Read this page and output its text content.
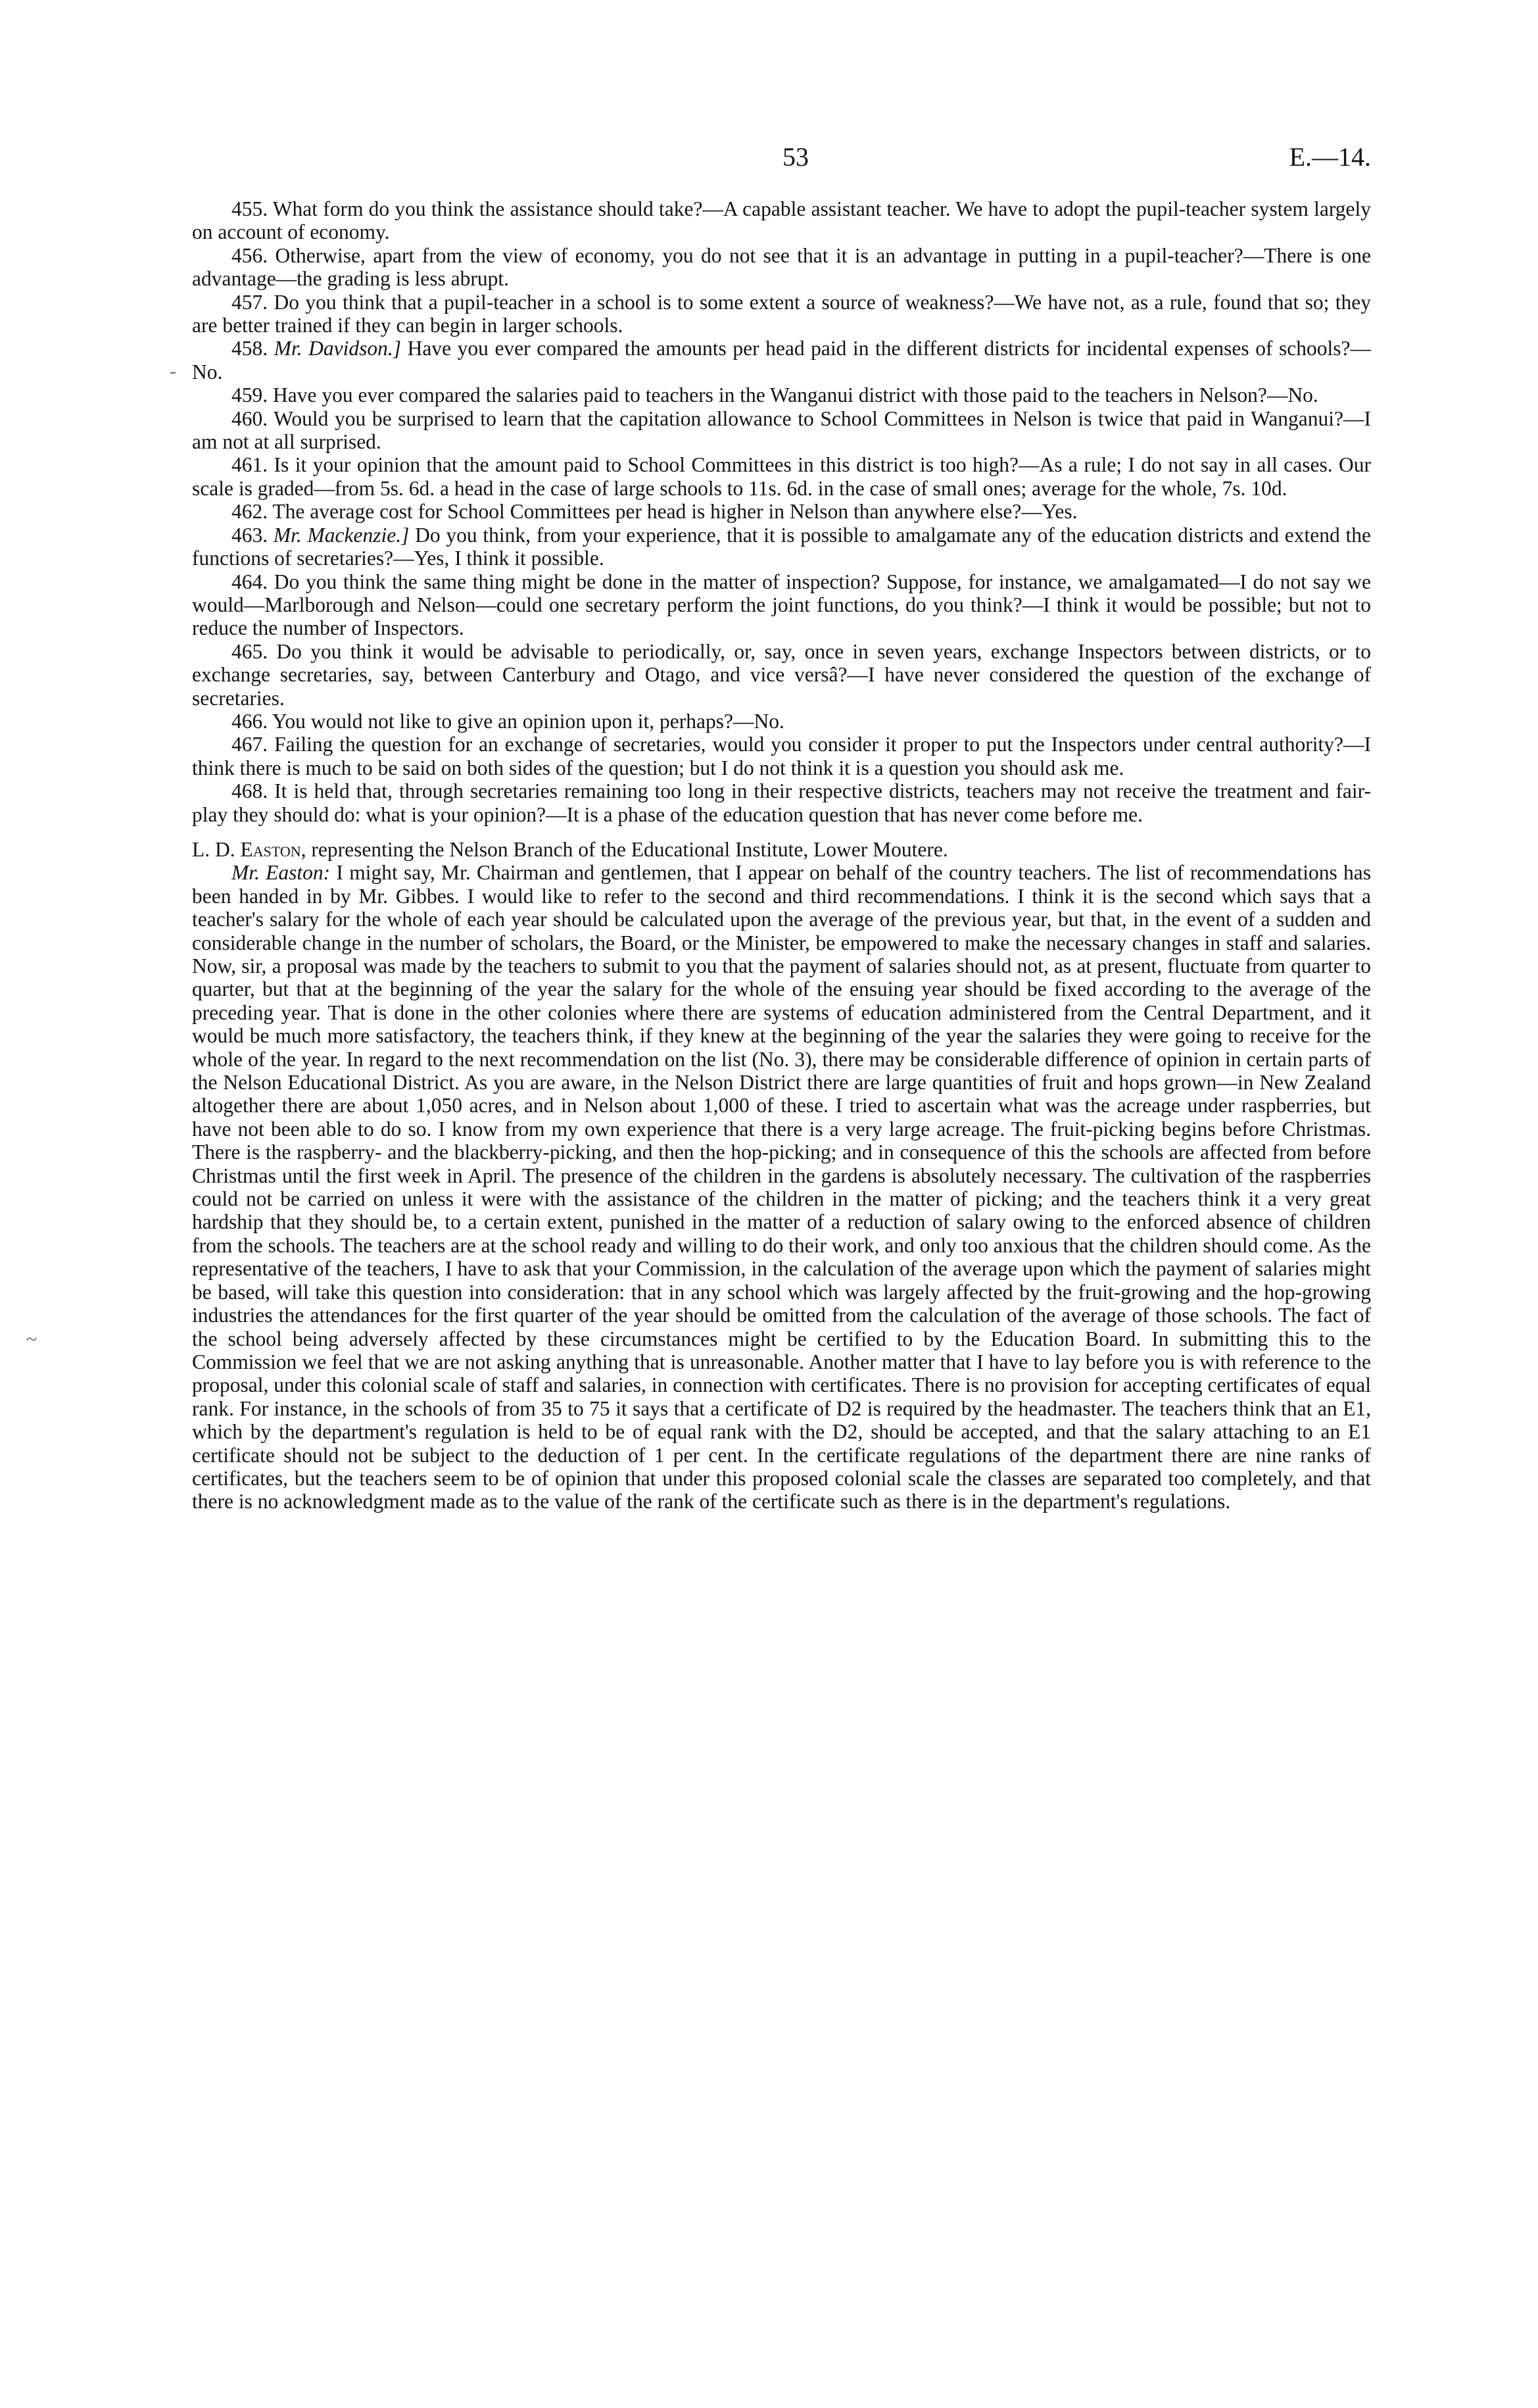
53	E.—14.

455. What form do you think the assistance should take?—A capable assistant teacher. We have to adopt the pupil-teacher system largely on account of economy.

456. Otherwise, apart from the view of economy, you do not see that it is an advantage in putting in a pupil-teacher?—There is one advantage—the grading is less abrupt.

457. Do you think that a pupil-teacher in a school is to some extent a source of weakness?—We have not, as a rule, found that so; they are better trained if they can begin in larger schools.

458. Mr. Davidson.] Have you ever compared the amounts per head paid in the different districts for incidental expenses of schools?—No.

459. Have you ever compared the salaries paid to teachers in the Wanganui district with those paid to the teachers in Nelson?—No.

460. Would you be surprised to learn that the capitation allowance to School Committees in Nelson is twice that paid in Wanganui?—I am not at all surprised.

461. Is it your opinion that the amount paid to School Committees in this district is too high?—As a rule; I do not say in all cases. Our scale is graded—from 5s. 6d. a head in the case of large schools to 11s. 6d. in the case of small ones; average for the whole, 7s. 10d.

462. The average cost for School Committees per head is higher in Nelson than anywhere else?—Yes.

463. Mr. Mackenzie.] Do you think, from your experience, that it is possible to amalgamate any of the education districts and extend the functions of secretaries?—Yes, I think it possible.

464. Do you think the same thing might be done in the matter of inspection? Suppose, for instance, we amalgamated—I do not say we would—Marlborough and Nelson—could one secretary perform the joint functions, do you think?—I think it would be possible; but not to reduce the number of Inspectors.

465. Do you think it would be advisable to periodically, or, say, once in seven years, exchange Inspectors between districts, or to exchange secretaries, say, between Canterbury and Otago, and vice versâ?—I have never considered the question of the exchange of secretaries.

466. You would not like to give an opinion upon it, perhaps?—No.

467. Failing the question for an exchange of secretaries, would you consider it proper to put the Inspectors under central authority?—I think there is much to be said on both sides of the question; but I do not think it is a question you should ask me.

468. It is held that, through secretaries remaining too long in their respective districts, teachers may not receive the treatment and fair-play they should do: what is your opinion?—It is a phase of the education question that has never come before me.

L. D. Easton, representing the Nelson Branch of the Educational Institute, Lower Moutere.

Mr. Easton: I might say, Mr. Chairman and gentlemen, that I appear on behalf of the country teachers. The list of recommendations has been handed in by Mr. Gibbes. I would like to refer to the second and third recommendations. I think it is the second which says that a teacher's salary for the whole of each year should be calculated upon the average of the previous year, but that, in the event of a sudden and considerable change in the number of scholars, the Board, or the Minister, be empowered to make the necessary changes in staff and salaries. Now, sir, a proposal was made by the teachers to submit to you that the payment of salaries should not, as at present, fluctuate from quarter to quarter, but that at the beginning of the year the salary for the whole of the ensuing year should be fixed according to the average of the preceding year. That is done in the other colonies where there are systems of education administered from the Central Department, and it would be much more satisfactory, the teachers think, if they knew at the beginning of the year the salaries they were going to receive for the whole of the year. In regard to the next recommendation on the list (No. 3), there may be considerable difference of opinion in certain parts of the Nelson Educational District. As you are aware, in the Nelson District there are large quantities of fruit and hops grown—in New Zealand altogether there are about 1,050 acres, and in Nelson about 1,000 of these. I tried to ascertain what was the acreage under raspberries, but have not been able to do so. I know from my own experience that there is a very large acreage. The fruit-picking begins before Christmas. There is the raspberry- and the blackberry-picking, and then the hop-picking; and in consequence of this the schools are affected from before Christmas until the first week in April. The presence of the children in the gardens is absolutely necessary. The cultivation of the raspberries could not be carried on unless it were with the assistance of the children in the matter of picking; and the teachers think it a very great hardship that they should be, to a certain extent, punished in the matter of a reduction of salary owing to the enforced absence of children from the schools. The teachers are at the school ready and willing to do their work, and only too anxious that the children should come. As the representative of the teachers, I have to ask that your Commission, in the calculation of the average upon which the payment of salaries might be based, will take this question into consideration: that in any school which was largely affected by the fruit-growing and the hop-growing industries the attendances for the first quarter of the year should be omitted from the calculation of the average of those schools. The fact of the school being adversely affected by these circumstances might be certified to by the Education Board. In submitting this to the Commission we feel that we are not asking anything that is unreasonable. Another matter that I have to lay before you is with reference to the proposal, under this colonial scale of staff and salaries, in connection with certificates. There is no provision for accepting certificates of equal rank. For instance, in the schools of from 35 to 75 it says that a certificate of D2 is required by the headmaster. The teachers think that an E1, which by the department's regulation is held to be of equal rank with the D2, should be accepted, and that the salary attaching to an E1 certificate should not be subject to the deduction of 1 per cent. In the certificate regulations of the department there are nine ranks of certificates, but the teachers seem to be of opinion that under this proposed colonial scale the classes are separated too completely, and that there is no acknowledgment made as to the value of the rank of the certificate such as there is in the department's regulations.

-
~
